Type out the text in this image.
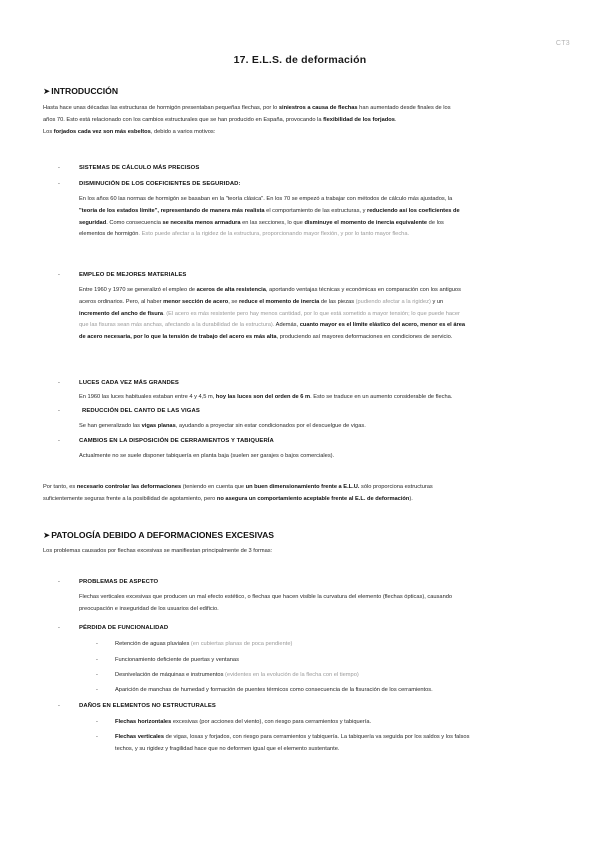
CT3
17. E.L.S. de deformación
➤INTRODUCCIÓN
Hasta hace unas décadas las estructuras de hormigón presentaban pequeñas flechas, por lo siniestros a causa de flechas han aumentado desde finales de los
años 70. Esto está relacionado con los cambios estructurales que se han producido en España, provocando la flexibilidad de los forjados.
Los forjados cada vez son más esbeltos, debido a varios motivos:
-	SISTEMAS DE CÁLCULO MÁS PRECISOS
-	DISMINUCIÓN DE LOS COEFICIENTES DE SEGURIDAD:
En los años 60 las normas de hormigón se basaban en la "teoría clásica". En los 70 se empezó a trabajar con métodos de cálculo más ajustados, la
"teoría de los estados límite", representando de manera más realista el comportamiento de las estructuras, y reduciendo así los coeficientes de
seguridad. Como consecuencia se necesita menos armadura en las secciones, lo que disminuye el momento de inercia equivalente de los
elementos de hormigón. Esto puede afectar a la rigidez de la estructura, proporcionando mayor flexión, y por lo tanto mayor flecha.
-	EMPLEO DE MEJORES MATERIALES
Entre 1960 y 1970 se generalizó el empleo de aceros de alta resistencia, aportando ventajas técnicas y económicas en comparación con los antiguos
aceros ordinarios. Pero, al haber menor sección de acero, se reduce el momento de inercia de las piezas (pudiendo afectar a la rigidez) y un
incremento del ancho de fisura. (El acero es más resistente pero hay menos cantidad, por lo que está sometido a mayor tensión; lo que puede hacer
que las fisuras sean más anchas, afectando a la durabilidad de la estructura). Además, cuanto mayor es el límite elástico del acero, menor es el área
de acero necesaria, por lo que la tensión de trabajo del acero es más alta, produciendo así mayores deformaciones en condiciones de servicio.
-	LUCES CADA VEZ MÁS GRANDES
En 1960 las luces habituales estaban entre 4 y 4,5 m, hoy las luces son del orden de 6 m. Esto se traduce en un aumento considerable de flecha.
-	REDUCCIÓN DEL CANTO DE LAS VIGAS
Se han generalizado las vigas planas, ayudando a proyectar sin estar condicionados por el descuelgue de vigas.
-	CAMBIOS EN LA DISPOSICIÓN DE CERRAMIENTOS Y TABIQUERÍA
Actualmente no se suele disponer tabiquería en planta baja (suelen ser garajes o bajos comerciales).
Por tanto, es necesario controlar las deformaciones (teniendo en cuenta que un buen dimensionamiento frente a E.L.U. sólo proporciona estructuras
suficientemente seguras frente a la posibilidad de agotamiento, pero no asegura un comportamiento aceptable frente al E.L. de deformación).
➤PATOLOGÍA DEBIDO A DEFORMACIONES EXCESIVAS
Los problemas causados por flechas excesivas se manifiestan principalmente de 3 formas:
-	PROBLEMAS DE ASPECTO
Flechas verticales excesivas que producen un mal efecto estético, o flechas que hacen visible la curvatura del elemento (flechas ópticas), causando
preocupación e inseguridad de los usuarios del edificio.
-	PÉRDIDA DE FUNCIONALIDAD
-	Retención de aguas pluviales (en cubiertas planas de poca pendiente)
-	Funcionamiento deficiente de puertas y ventanas
-	Desnivelación de máquinas e instrumentos (evidentes en la evolución de la flecha con el tiempo)
-	Aparición de manchas de humedad y formación de puentes térmicos como consecuencia de la fisuración de los cerramientos.
-	DAÑOS EN ELEMENTOS NO ESTRUCTURALES
-	Flechas horizontales excesivas (por acciones del viento), con riesgo para cerramientos y tabiquería.
-	Flechas verticales de vigas, losas y forjados, con riesgo para cerramientos y tabiquería. La tabiquería va seguida por los saldos y los falsos
techos, y su rigidez y fragilidad hace que no deformen igual que el elemento sustentante.
